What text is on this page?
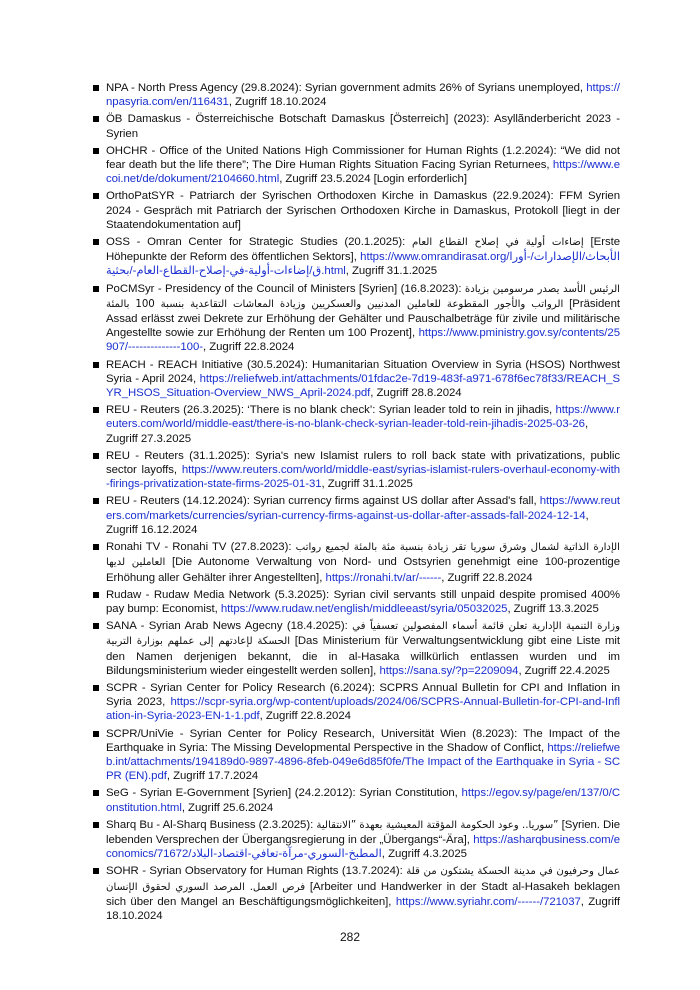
NPA - North Press Agency (29.8.2024): Syrian government admits 26% of Syrians unemployed, https://npasyria.com/en/116431, Zugriff 18.10.2024
ÖB Damaskus - Österreichische Botschaft Damaskus [Österreich] (2023): Asyllãnderbericht 2023 - Syrien
OHCHR - Office of the United Nations High Commissioner for Human Rights (1.2.2024): “We did not fear death but the life there”; The Dire Human Rights Situation Facing Syrian Returnees, https://www.ecoi.net/de/dokument/2104660.html, Zugriff 23.5.2024 [Login erforderlich]
OrthoPatSYR - Patriarch der Syrischen Orthodoxen Kirche in Damaskus (22.9.2024): FFM Syrien 2024 - Gespräch mit Patriarch der Syrischen Orthodoxen Kirche in Damaskus, Protokoll [liegt in der Staatendokumentation auf]
OSS - Omran Center for Strategic Studies (20.1.2025): إضاءات أولية في إصلاح القطاع العام [Erste Höhepunkte der Reform des öffentlichen Sektors], https://www.omrandirasat.org/الأبحاث/الإصدارات/-أوراق/إضاءات-أولية-في-إصلاح-القطاع-العام-/بحثية.html, Zugriff 31.1.2025
PoCMSyr - Presidency of the Council of Ministers [Syrien] (16.8.2023): الرئيس الأسد يصدر مرسومين بزيادة الرواتب والأجور المقطوعة للعاملين المدنيين والعسكريين وزيادة المعاشات التقاعدية بنسبة 100 بالمئة [Präsident Assad erlässt zwei Dekrete zur Erhöhung der Gehälter und Pauschalbeträge für zivile und militärische Angestellte sowie zur Erhöhung der Renten um 100 Prozent], https://www.pministry.gov.sy/contents/25907/--------------100-, Zugriff 22.8.2024
REACH - REACH Initiative (30.5.2024): Humanitarian Situation Overview in Syria (HSOS) Northwest Syria - April 2024, https://reliefweb.int/attachments/01fdac2e-7d19-483f-a971-678f6ec78f33/REACH_SYR_HSOS_Situation-Overview_NWS_April-2024.pdf, Zugriff 28.8.2024
REU - Reuters (26.3.2025): ‘There is no blank check’: Syrian leader told to rein in jihadis, https://www.reuters.com/world/middle-east/there-is-no-blank-check-syrian-leader-told-rein-jihadis-2025-03-26, Zugriff 27.3.2025
REU - Reuters (31.1.2025): Syria's new Islamist rulers to roll back state with privatizations, public sector layoffs, https://www.reuters.com/world/middle-east/syrias-islamist-rulers-overhaul-economy-with-firings-privatization-state-firms-2025-01-31, Zugriff 31.1.2025
REU - Reuters (14.12.2024): Syrian currency firms against US dollar after Assad's fall, https://www.reuters.com/markets/currencies/syrian-currency-firms-against-us-dollar-after-assads-fall-2024-12-14, Zugriff 16.12.2024
Ronahi TV - Ronahi TV (27.8.2023): الإدارة الذاتية لشمال وشرق سوريا تقر زيادة بنسبة مئة بالمئة لجميع رواتب العاملين لديها [Die Autonome Verwaltung von Nord- und Ostsyrien genehmigt eine 100-prozentige Erhöhung aller Gehälter ihrer Angestellten], https://ronahi.tv/ar/------, Zugriff 22.8.2024
Rudaw - Rudaw Media Network (5.3.2025): Syrian civil servants still unpaid despite promised 400% pay bump: Economist, https://www.rudaw.net/english/middleeast/syria/05032025, Zugriff 13.3.2025
SANA - Syrian Arab News Agecny (18.4.2025): وزارة التنمية الإدارية تعلن قائمة أسماء المفصولين تعسفياً في الحسكة لإعادتهم إلى عملهم بوزارة التربية [Das Ministerium für Verwaltungsentwicklung gibt eine Liste mit den Namen derjenigen bekannt, die in al-Hasaka willkürlich entlassen wurden und im Bildungsministerium wieder eingestellt werden sollen], https://sana.sy/?p=2209094, Zugriff 22.4.2025
SCPR - Syrian Center for Policy Research (6.2024): SCPRS Annual Bulletin for CPI and Inflation in Syria 2023, https://scpr-syria.org/wp-content/uploads/2024/06/SCPRS-Annual-Bulletin-for-CPI-and-Inflation-in-Syria-2023-EN-1-1.pdf, Zugriff 22.8.2024
SCPR/UniVie - Syrian Center for Policy Research, Universität Wien (8.2023): The Impact of the Earthquake in Syria: The Missing Developmental Perspective in the Shadow of Conflict, https://reliefweb.int/attachments/194189d0-9897-4896-8feb-049e6d85f0fe/The Impact of the Earthquake in Syria - SCPR (EN).pdf, Zugriff 17.7.2024
SeG - Syrian E-Government [Syrien] (24.2.2012): Syrian Constitution, https://egov.sy/page/en/137/0/Constitution.html, Zugriff 25.6.2024
Sharq Bu - Al-Sharq Business (2.3.2025): ”سوريا.. وعود الحكومة المؤقتة المعيشية بعهدة ”الانتقالية [Syrien. Die lebenden Versprechen der Übergangsregierung in der „Übergangs“-Ära], https://asharqbusiness.com/economics/71672/المطبخ-السوري-مرآة-تعافي-اقتصاد-البلاد, Zugriff 4.3.2025
SOHR - Syrian Observatory for Human Rights (13.7.2024): عمال وحرفيون في مدينة الحسكة يشتكون من قلة فرص العمل. المرصد السوري لحقوق الإنسان [Arbeiter und Handwerker in der Stadt al-Hasakeh beklagen sich über den Mangel an Beschäftigungsmöglichkeiten], https://www.syriahr.com/------/721037, Zugriff 18.10.2024
282
